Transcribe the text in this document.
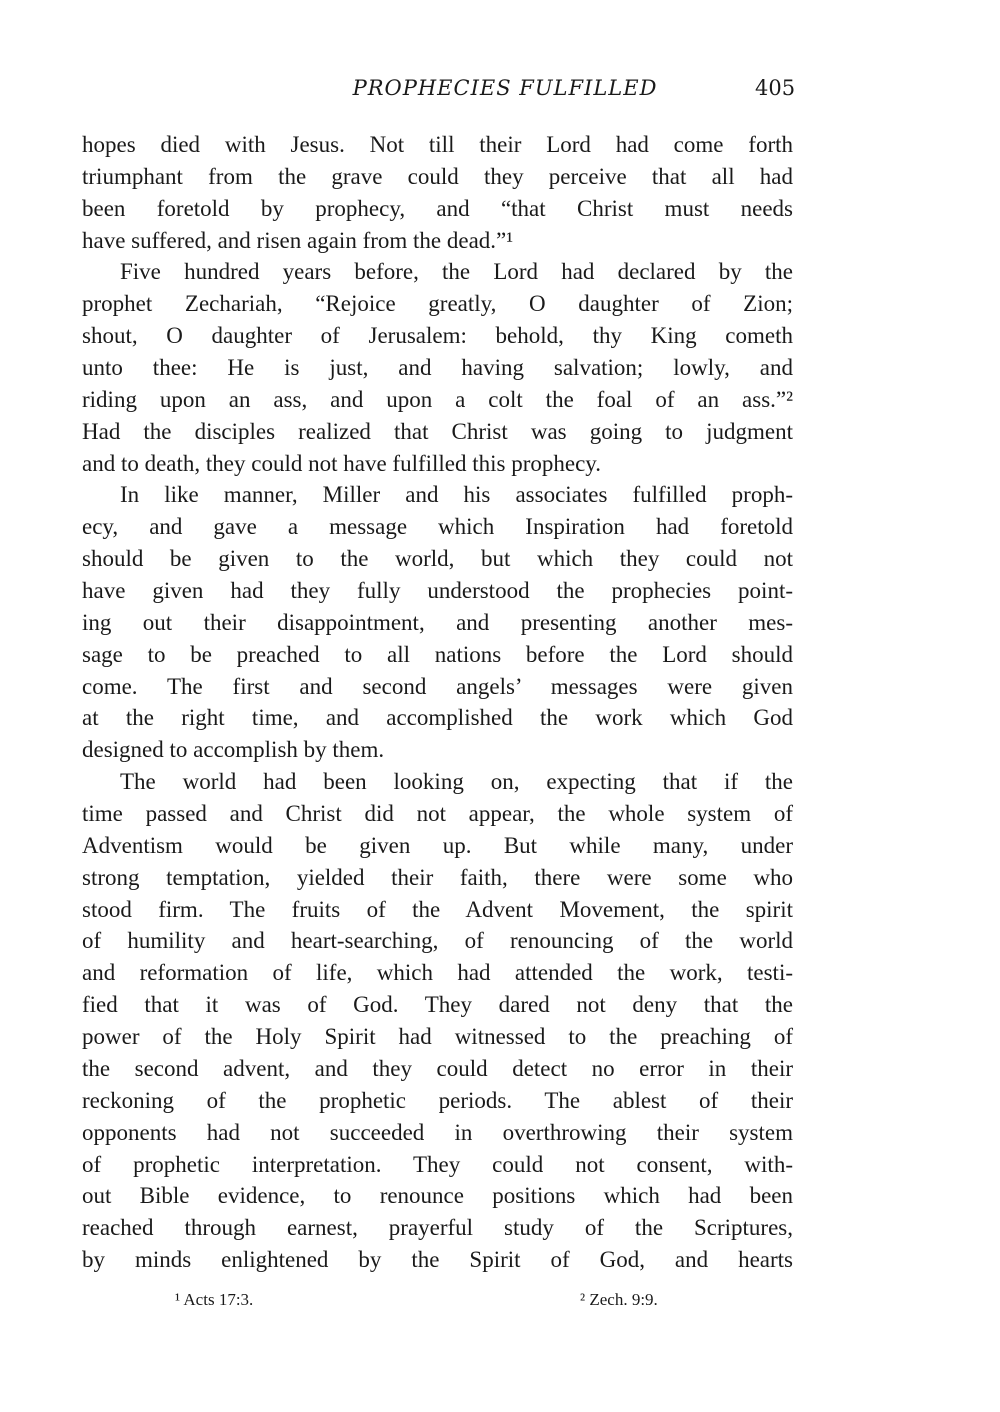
PROPHECIES FULFILLED	405
hopes died with Jesus. Not till their Lord had come forth
triumphant from the grave could they perceive that all had
been foretold by prophecy, and “that Christ must needs
have suffered, and risen again from the dead.”¹
Five hundred years before, the Lord had declared by the
prophet Zechariah, “Rejoice greatly, O daughter of Zion;
shout, O daughter of Jerusalem: behold, thy King cometh
unto thee: He is just, and having salvation; lowly, and
riding upon an ass, and upon a colt the foal of an ass.”²
Had the disciples realized that Christ was going to judgment
and to death, they could not have fulfilled this prophecy.
In like manner, Miller and his associates fulfilled proph-
ecy, and gave a message which Inspiration had foretold
should be given to the world, but which they could not
have given had they fully understood the prophecies point-
ing out their disappointment, and presenting another mes-
sage to be preached to all nations before the Lord should
come. The first and second angels’ messages were given
at the right time, and accomplished the work which God
designed to accomplish by them.
The world had been looking on, expecting that if the
time passed and Christ did not appear, the whole system of
Adventism would be given up. But while many, under
strong temptation, yielded their faith, there were some who
stood firm. The fruits of the Advent Movement, the spirit
of humility and heart-searching, of renouncing of the world
and reformation of life, which had attended the work, testi-
fied that it was of God. They dared not deny that the
power of the Holy Spirit had witnessed to the preaching of
the second advent, and they could detect no error in their
reckoning of the prophetic periods. The ablest of their
opponents had not succeeded in overthrowing their system
of prophetic interpretation. They could not consent, with-
out Bible evidence, to renounce positions which had been
reached through earnest, prayerful study of the Scriptures,
by minds enlightened by the Spirit of God, and hearts
¹ Acts 17:3.	² Zech. 9:9.
